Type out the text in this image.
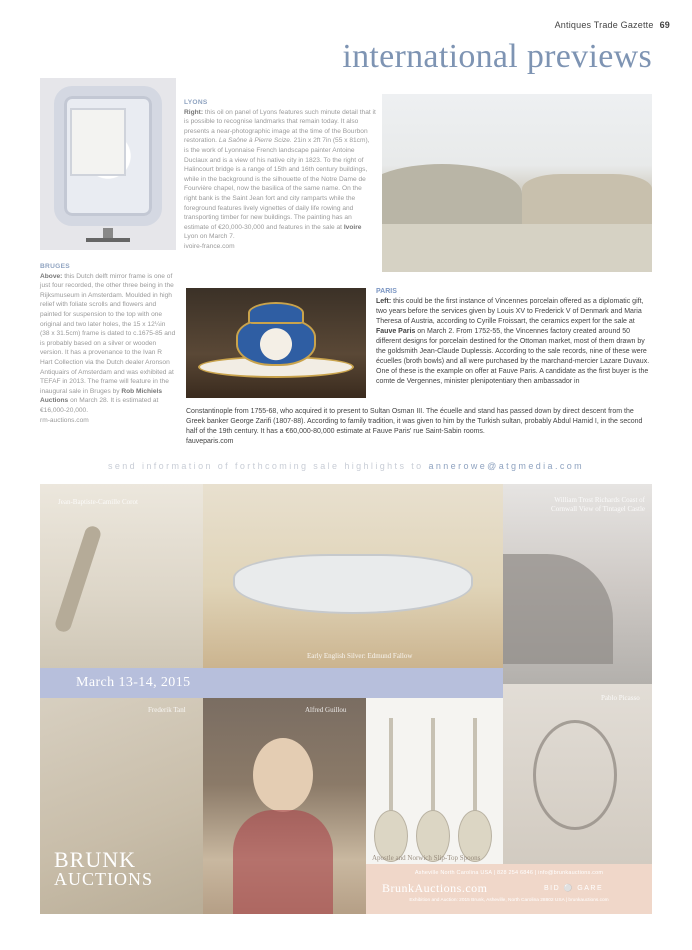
Antiques Trade Gazette 69
international previews
LYONS
Right: this oil on panel of Lyons features such minute detail that it is possible to recognise landmarks that remain today. It also presents a near-photographic image at the time of the Bourbon restoration. La Saône à Pierre Scize. 21in x 2ft 7in (55 x 81cm), is the work of Lyonnaise French landscape painter Antoine Duclaux and is a view of his native city in 1823. To the right of Halincourt bridge is a range of 15th and 16th century buildings, while in the background is the silhouette of the Notre Dame de Fourvière chapel, now the basilica of the same name. On the right bank is the Saint Jean fort and city ramparts while the foreground features lively vignettes of daily life rowing and transporting timber for new buildings. The painting has an estimate of €20,000-30,000 and features in the sale at Ivoire Lyon on March 7.
ivoire-france.com
BRUGES
Above: this Dutch delft mirror frame is one of just four recorded, the other three being in the Rijksmuseum in Amsterdam. Moulded in high relief with foliate scrolls and flowers and painted for suspension to the top with one original and two later holes, the 15 x 12¼in (38 x 31.5cm) frame is dated to c.1675-85 and is probably based on a silver or wooden version. It has a provenance to the Ivan R Hart Collection via the Dutch dealer Aronson Antiquairs of Amsterdam and was exhibited at TEFAF in 2013. The frame will feature in the inaugural sale in Bruges by Rob Michiels Auctions on March 28. It is estimated at €16,000-20,000.
rm-auctions.com
PARIS
Left: this could be the first instance of Vincennes porcelain offered as a diplomatic gift, two years before the services given by Louis XV to Frederick V of Denmark and Maria Theresa of Austria, according to Cyrille Froissart, the ceramics expert for the sale at Fauve Paris on March 2. From 1752-55, the Vincennes factory created around 50 different designs for porcelain destined for the Ottoman market, most of them drawn by the goldsmith Jean-Claude Duplessis. According to the sale records, nine of these were écuelles (broth bowls) and all were purchased by the marchand-mercier Lazare Duvaux. One of these is the example on offer at Fauve Paris. A candidate as the first buyer is the comte de Vergennes, minister plenipotentiary then ambassador in
Constantinople from 1755-68, who acquired it to present to Sultan Osman III. The écuelle and stand has passed down by direct descent from the Greek banker George Zarifi (1807-88). According to family tradition, it was given to him by the Turkish sultan, probably Abdul Hamid I, in the second half of the 19th century. It has a €60,000-80,000 estimate at Fauve Paris' rue Saint-Sabin rooms.
fauveparis.com
send information of forthcoming sale highlights to annerowe@atgmedia.com
Jean-Baptiste-Camille Corot
Early English Silver: Edmund Fallow
William Trost Richards Coast of Cornwall View of Tintagel Castle
March 13-14, 2015
Frederik Tanl	Alfred Guillou
Apostle and Norwich Slip-Top Spoons
Pablo Picasso
BRUNK
AUCTIONS	Asheville North Carolina USA | 828 254 6846 | info@brunkauctions.com
BrunkAuctions.com	BID ⚪ GARE
Exhibition and Auction: 2015 Brunk, Asheville, North Carolina 28802 USA | brunkauctions.com
